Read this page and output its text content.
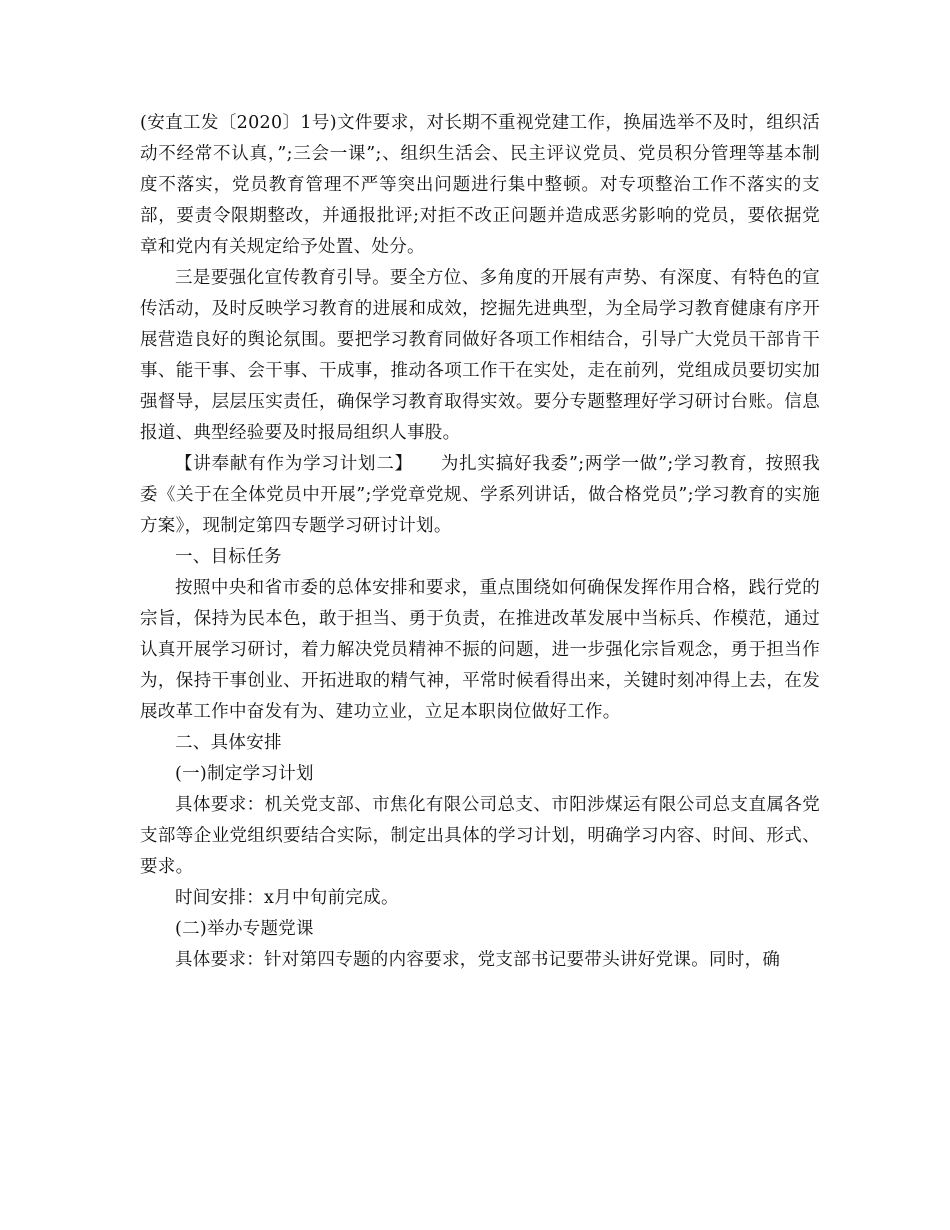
(安直工发〔2020〕1号)文件要求，对长期不重视党建工作，换届选举不及时，组织活动不经常不认真，”;三会一课”;、组织生活会、民主评议党员、党员积分管理等基本制度不落实，党员教育管理不严等突出问题进行集中整顿。对专项整治工作不落实的支部，要责令限期整改，并通报批评;对拒不改正问题并造成恶劣影响的党员，要依据党章和党内有关规定给予处置、处分。

三是要强化宣传教育引导。要全方位、多角度的开展有声势、有深度、有特色的宣传活动，及时反映学习教育的进展和成效，挖掘先进典型，为全局学习教育健康有序开展营造良好的舆论氛围。要把学习教育同做好各项工作相结合，引导广大党员干部肯干事、能干事、会干事、干成事，推动各项工作干在实处，走在前列，党组成员要切实加强督导，层层压实责任，确保学习教育取得实效。要分专题整理好学习研讨台账。信息报道、典型经验要及时报局组织人事股。

【讲奉献有作为学习计划二】　　为扎实搞好我委”;两学一做”;学习教育，按照我委《关于在全体党员中开展”;学党章党规、学系列讲话，做合格党员”;学习教育的实施方案》，现制定第四专题学习研讨计划。

一、目标任务

按照中央和省市委的总体安排和要求，重点围绕如何确保发挥作用合格，践行党的宗旨，保持为民本色，敢于担当、勇于负责，在推进改革发展中当标兵、作模范，通过认真开展学习研讨，着力解决党员精神不振的问题，进一步强化宗旨观念，勇于担当作为，保持干事创业、开拓进取的精气神，平常时候看得出来，关键时刻冲得上去，在发展改革工作中奋发有为、建功立业，立足本职岗位做好工作。

二、具体安排

(一)制定学习计划

具体要求：机关党支部、市焦化有限公司总支、市阳涉煤运有限公司总支直属各党支部等企业党组织要结合实际，制定出具体的学习计划，明确学习内容、时间、形式、要求。

时间安排：x月中旬前完成。

(二)举办专题党课

具体要求：针对第四专题的内容要求，党支部书记要带头讲好党课。同时，确
